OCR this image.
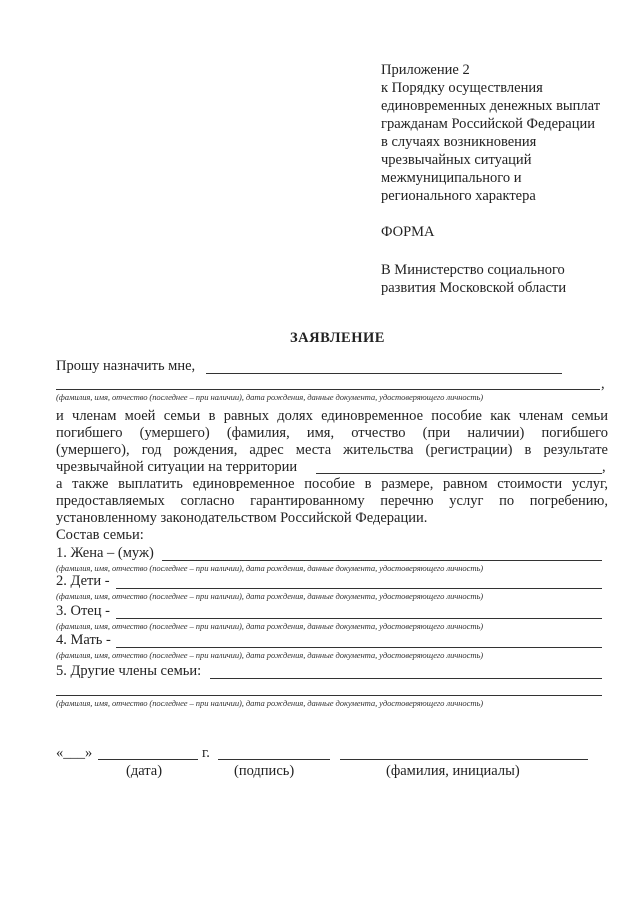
Приложение 2
к Порядку осуществления
единовременных денежных выплат
гражданам Российской Федерации
в случаях возникновения
чрезвычайных ситуаций
межмуниципального и
регионального характера
ФОРМА
В Министерство социального
развития Московской области
ЗАЯВЛЕНИЕ
Прошу назначить мне,
,
(фамилия, имя, отчество (последнее – при наличии), дата рождения, данные документа, удостоверяющего личность)
и членам моей семьи в равных долях единовременное пособие как членам семьи
погибшего (умершего) (фамилия, имя, отчество (при наличии) погибшего
(умершего), год рождения, адрес места жительства (регистрации) в результате
чрезвычайной ситуации на территории	,
а также выплатить единовременное пособие в размере, равном стоимости услуг,
предоставляемых согласно гарантированному перечню услуг по погребению,
установленному законодательством Российской Федерации.
Состав семьи:
1. Жена – (муж)
(фамилия, имя, отчество (последнее – при наличии), дата рождения, данные документа, удостоверяющего личность)
2. Дети -
(фамилия, имя, отчество (последнее – при наличии), дата рождения, данные документа, удостоверяющего личность)
3. Отец -
(фамилия, имя, отчество (последнее – при наличии), дата рождения, данные документа, удостоверяющего личность)
4. Мать -
(фамилия, имя, отчество (последнее – при наличии), дата рождения, данные документа, удостоверяющего личность)
5. Другие члены семьи:
(фамилия, имя, отчество (последнее – при наличии), дата рождения, данные документа, удостоверяющего личность)
«___»	г.
(дата)	(подпись)	(фамилия, инициалы)
